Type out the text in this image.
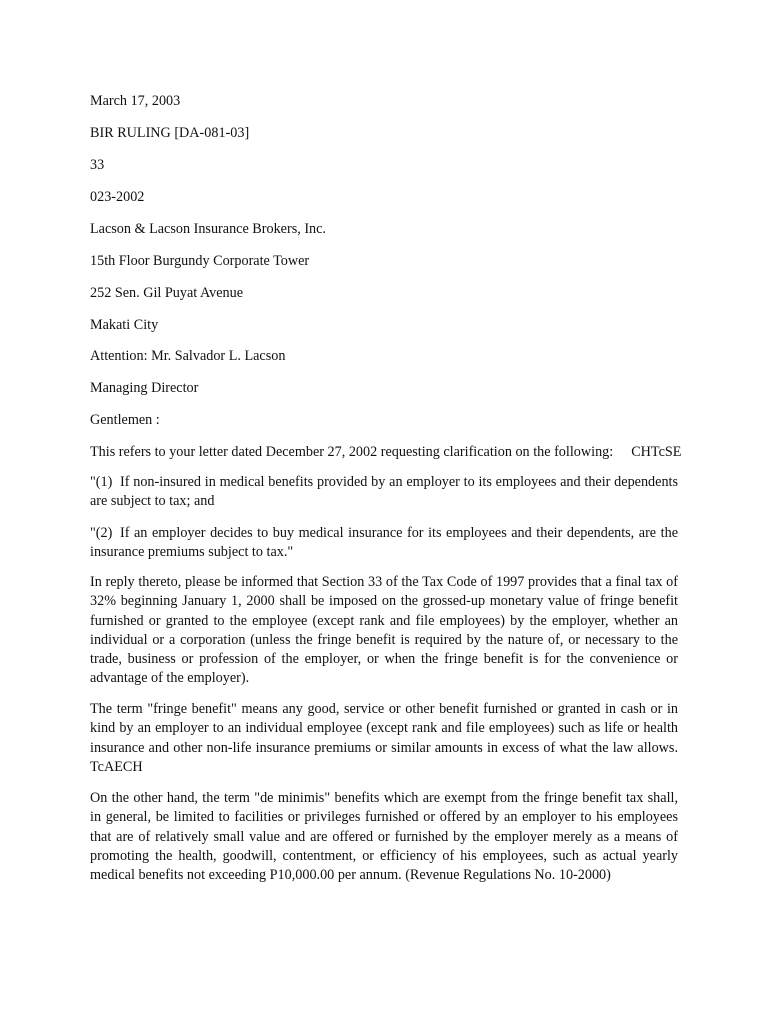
March 17, 2003

BIR RULING [DA-081-03]

33

023-2002

Lacson & Lacson Insurance Brokers, Inc.

15th Floor Burgundy Corporate Tower

252 Sen. Gil Puyat Avenue

Makati City

Attention: Mr. Salvador L. Lacson

Managing Director

Gentlemen :

This refers to your letter dated December 27, 2002 requesting clarification on the following: CHTcSE

"(1) If non-insured in medical benefits provided by an employer to its employees and their dependents are subject to tax; and

"(2) If an employer decides to buy medical insurance for its employees and their dependents, are the insurance premiums subject to tax."

In reply thereto, please be informed that Section 33 of the Tax Code of 1997 provides that a final tax of 32% beginning January 1, 2000 shall be imposed on the grossed-up monetary value of fringe benefit furnished or granted to the employee (except rank and file employees) by the employer, whether an individual or a corporation (unless the fringe benefit is required by the nature of, or necessary to the trade, business or profession of the employer, or when the fringe benefit is for the convenience or advantage of the employer).

The term "fringe benefit" means any good, service or other benefit furnished or granted in cash or in kind by an employer to an individual employee (except rank and file employees) such as life or health insurance and other non-life insurance premiums or similar amounts in excess of what the law allows. TcAECH

On the other hand, the term "de minimis" benefits which are exempt from the fringe benefit tax shall, in general, be limited to facilities or privileges furnished or offered by an employer to his employees that are of relatively small value and are offered or furnished by the employer merely as a means of promoting the health, goodwill, contentment, or efficiency of his employees, such as actual yearly medical benefits not exceeding P10,000.00 per annum. (Revenue Regulations No. 10-2000)
